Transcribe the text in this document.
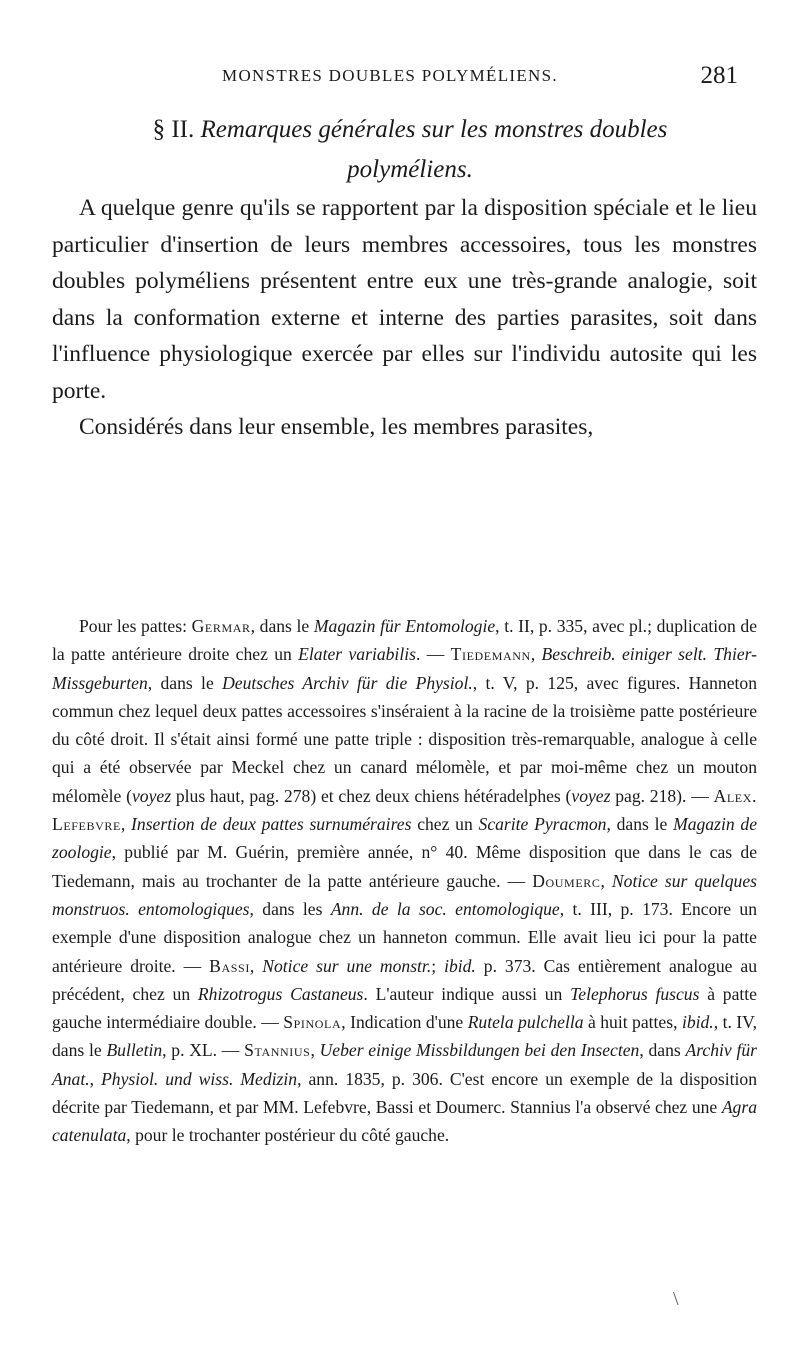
MONSTRES DOUBLES POLYMÉLIENS.	281
§ II. Remarques générales sur les monstres doubles
polyméliens.

A quelque genre qu'ils se rapportent par la disposition spéciale et le lieu particulier d'insertion de leurs membres accessoires, tous les monstres doubles polyméliens présentent entre eux une très-grande analogie, soit dans la conformation externe et interne des parties parasites, soit dans l'influence physiologique exercée par elles sur l'individu autosite qui les porte.

Considérés dans leur ensemble, les membres parasites,

Pour les pattes: Germar, dans le Magazin für Entomologie, t. II, p. 335, avec pl.; duplication de la patte antérieure droite chez un Elater variabilis. — Tiedemann, Beschreib. einiger selt. Thier-Missgeburten, dans le Deutsches Archiv für die Physiol., t. V, p. 125, avec figures. Hanneton commun chez lequel deux pattes accessoires s'inséraient à la racine de la troisième patte postérieure du côté droit. Il s'était ainsi formé une patte triple : disposition très-remarquable, analogue à celle qui a été observée par Meckel chez un canard mélomèle, et par moi-même chez un mouton mélomèle (voyez plus haut, pag. 278) et chez deux chiens hétéradelphes (voyez pag. 218). — Alex. Lefebvre, Insertion de deux pattes surnuméraires chez un Scarite Pyracmon, dans le Magazin de zoologie, publié par M. Guérin, première année, n° 40. Même disposition que dans le cas de Tiedemann, mais au trochanter de la patte antérieure gauche. — Doumerc, Notice sur quelques monstruos. entomologiques, dans les Ann. de la soc. entomologique, t. III, p. 173. Encore un exemple d'une disposition analogue chez un hanneton commun. Elle avait lieu ici pour la patte antérieure droite. — Bassi, Notice sur une monstr.; ibid. p. 373. Cas entièrement analogue au précédent, chez un Rhizotrogus Castaneus. L'auteur indique aussi un Telephorus fuscus à patte gauche intermédiaire double. — Spinola, Indication d'une Rutela pulchella à huit pattes, ibid., t. IV, dans le Bulletin, p. XL. — Stannius, Ueber einige Missbildungen bei den Insecten, dans Archiv für Anat., Physiol. und wiss. Medizin, ann. 1835, p. 306. C'est encore un exemple de la disposition décrite par Tiedemann, et par MM. Lefebvre, Bassi et Doumerc. Stannius l'a observé chez une Agra catenulata, pour le trochanter postérieur du côté gauche.

\
